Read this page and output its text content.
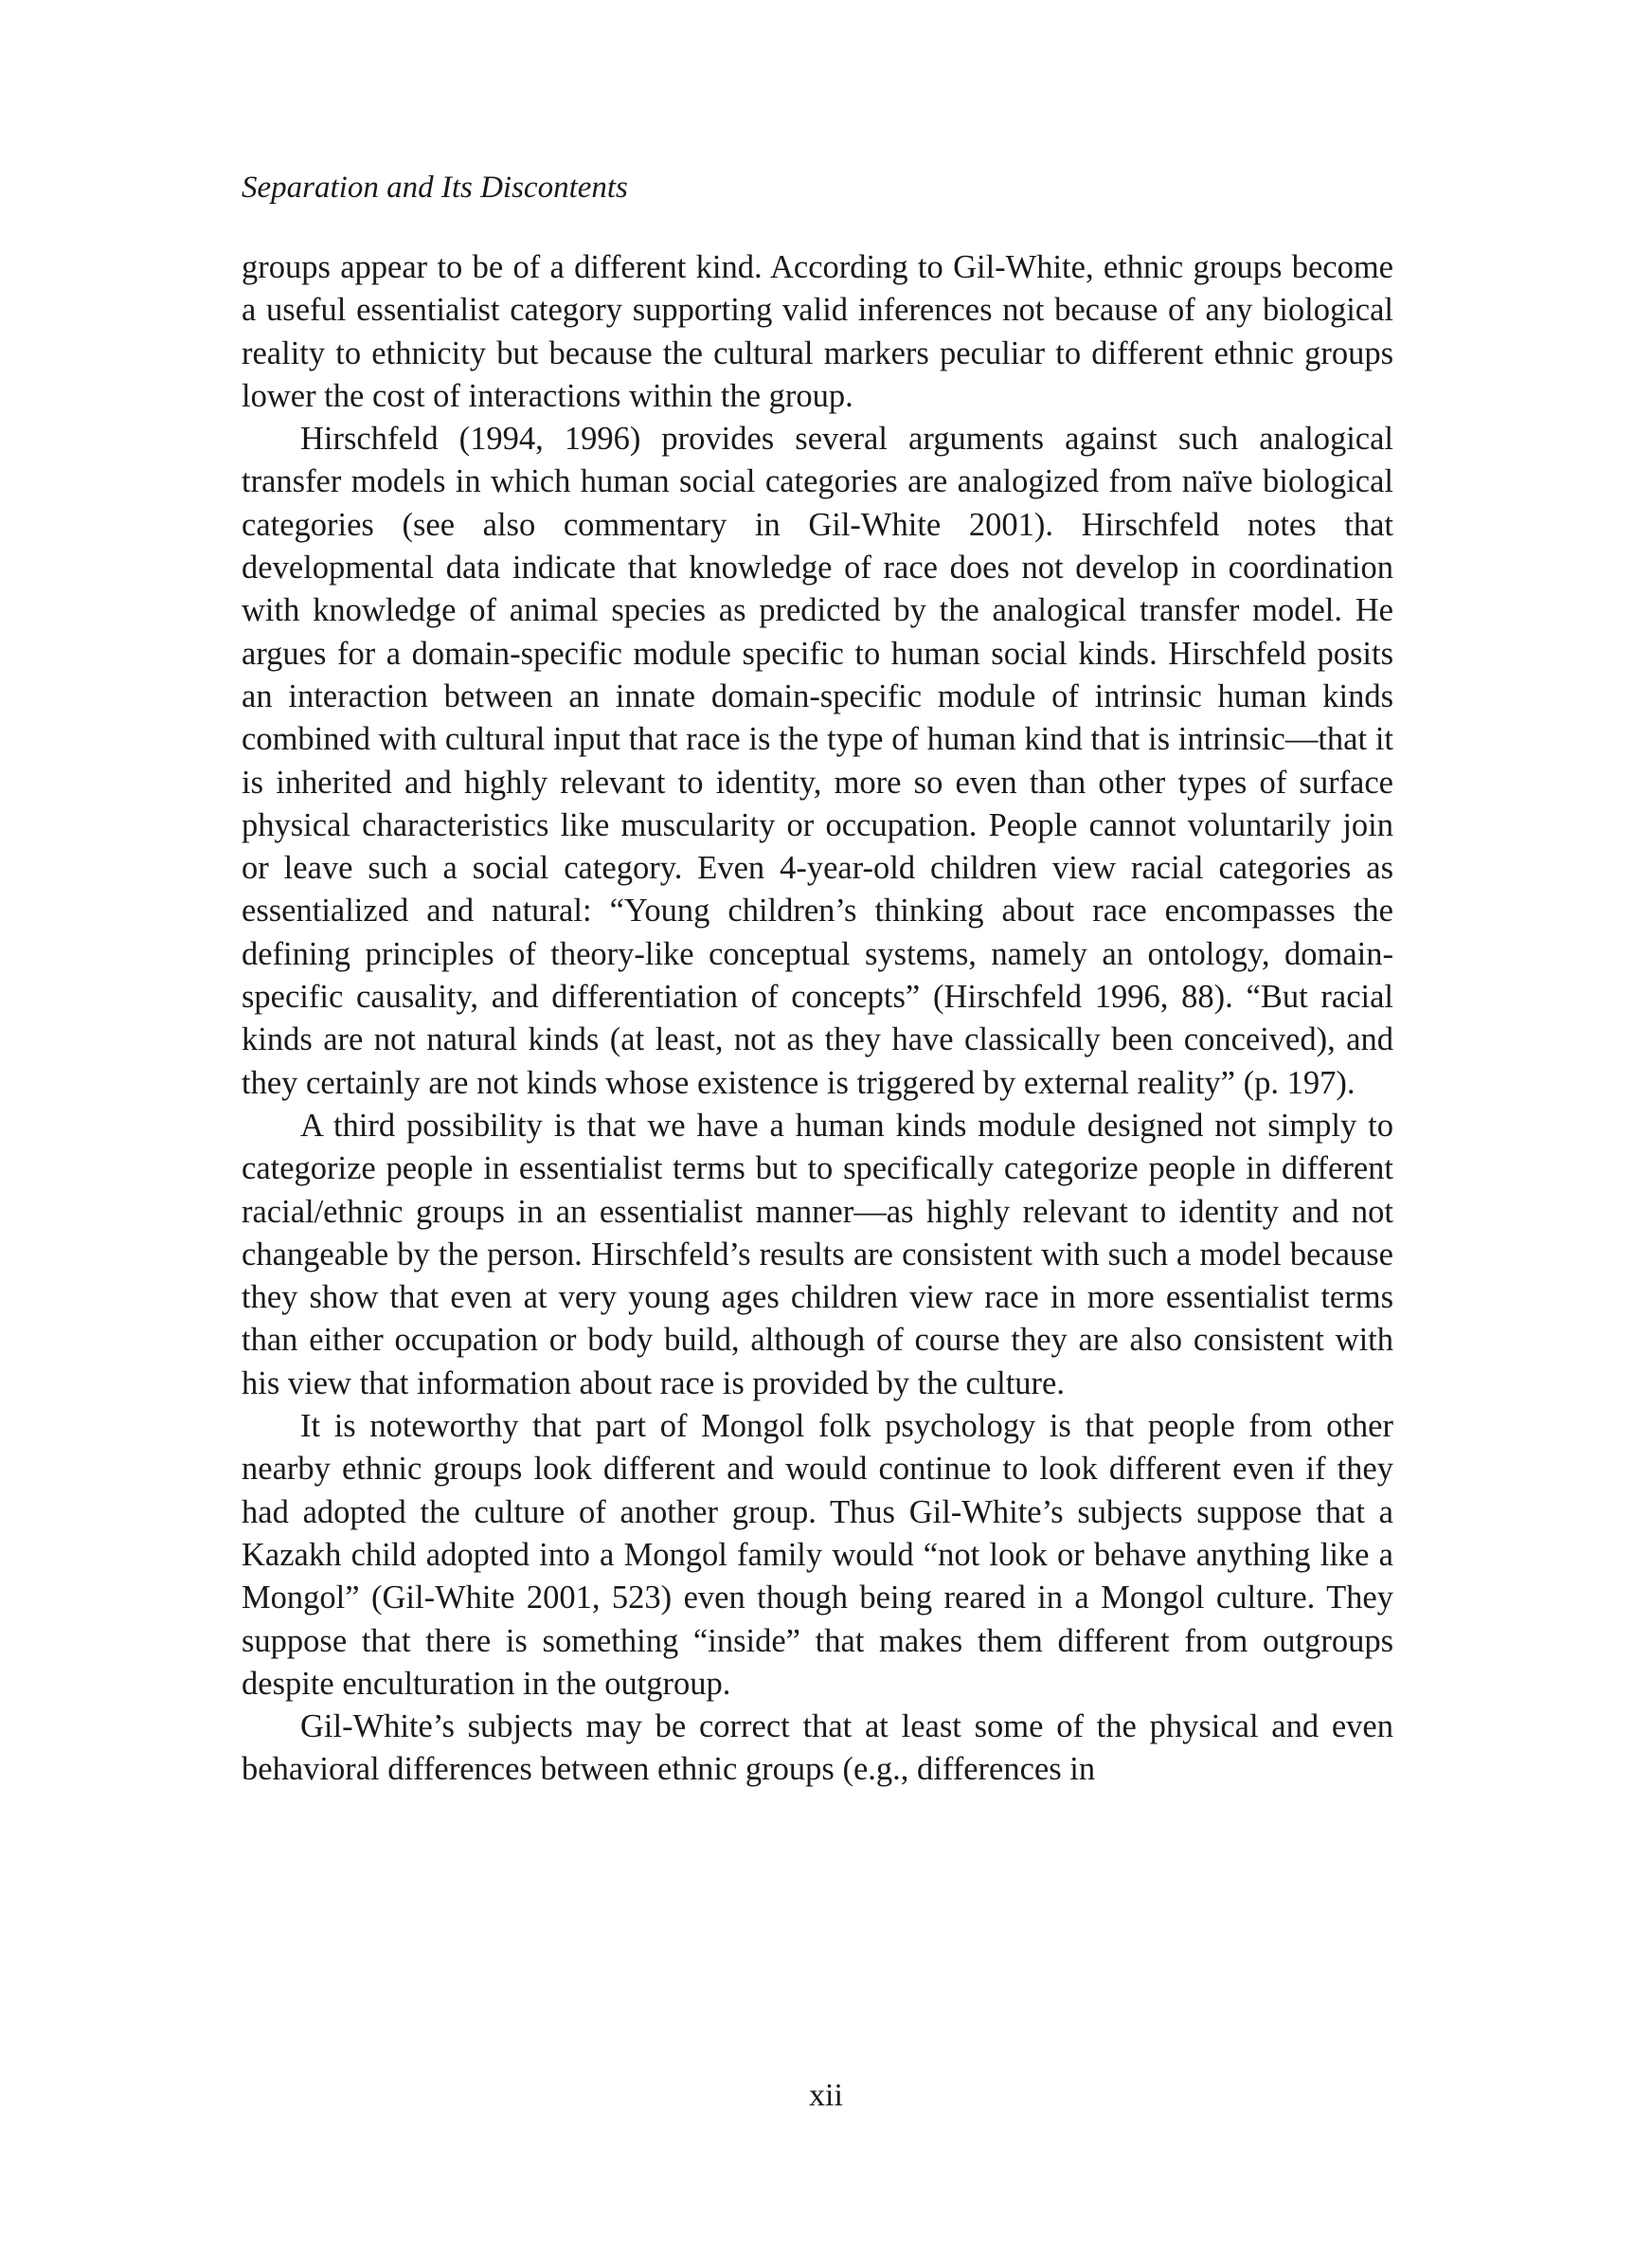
Separation and Its Discontents

groups appear to be of a different kind. According to Gil-White, ethnic groups become a useful essentialist category supporting valid inferences not because of any biological reality to ethnicity but because the cultural markers peculiar to different ethnic groups lower the cost of interactions within the group.

Hirschfeld (1994, 1996) provides several arguments against such analogical transfer models in which human social categories are analogized from naïve biological categories (see also commentary in Gil-White 2001). Hirschfeld notes that developmental data indicate that knowledge of race does not develop in coordination with knowledge of animal species as predicted by the analogical transfer model. He argues for a domain-specific module specific to human social kinds. Hirschfeld posits an interaction between an innate domain-specific module of intrinsic human kinds combined with cultural input that race is the type of human kind that is intrinsic—that it is inherited and highly relevant to identity, more so even than other types of surface physical characteristics like muscularity or occupation. People cannot voluntarily join or leave such a social category. Even 4-year-old children view racial categories as essentialized and natural: “Young children’s thinking about race encompasses the defining principles of theory-like conceptual systems, namely an ontology, domain-specific causality, and differentiation of concepts” (Hirschfeld 1996, 88). “But racial kinds are not natural kinds (at least, not as they have classically been conceived), and they certainly are not kinds whose existence is triggered by external reality” (p. 197).

A third possibility is that we have a human kinds module designed not simply to categorize people in essentialist terms but to specifically categorize people in different racial/ethnic groups in an essentialist manner—as highly relevant to identity and not changeable by the person. Hirschfeld’s results are consistent with such a model because they show that even at very young ages children view race in more essentialist terms than either occupation or body build, although of course they are also consistent with his view that information about race is provided by the culture.

It is noteworthy that part of Mongol folk psychology is that people from other nearby ethnic groups look different and would continue to look different even if they had adopted the culture of another group. Thus Gil-White’s subjects suppose that a Kazakh child adopted into a Mongol family would “not look or behave anything like a Mongol” (Gil-White 2001, 523) even though being reared in a Mongol culture. They suppose that there is something “inside” that makes them different from outgroups despite enculturation in the outgroup.

Gil-White’s subjects may be correct that at least some of the physical and even behavioral differences between ethnic groups (e.g., differences in

xii
